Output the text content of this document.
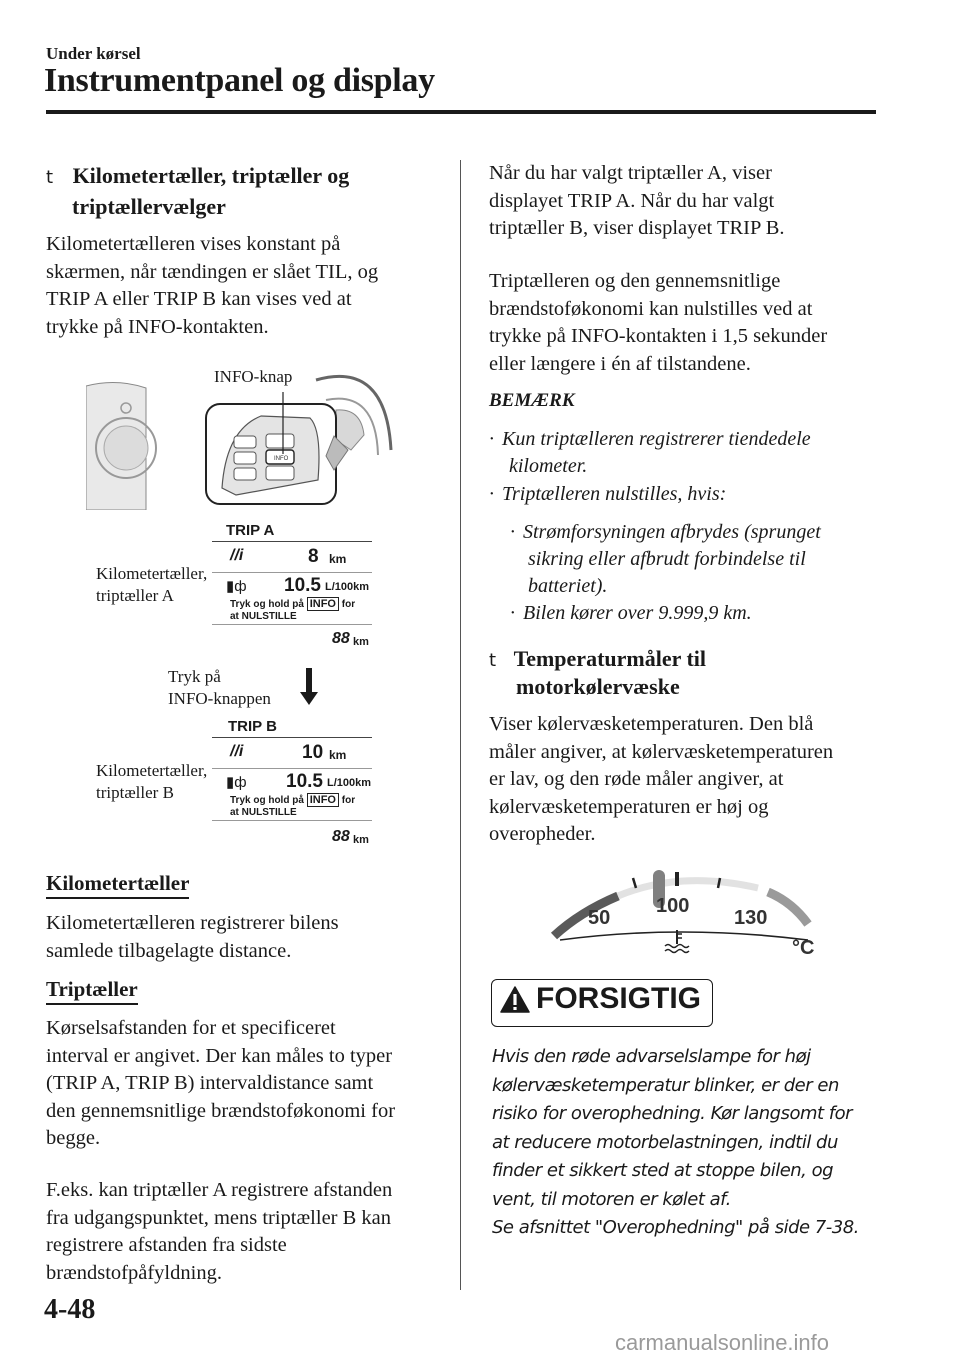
Under kørsel
Instrumentpanel og display
t Kilometertæller, triptæller og
triptællervælger
Kilometertælleren vises konstant på
skærmen, når tændingen er slået TIL, og
TRIP A eller TRIP B kan vises ved at
trykke på INFO-kontakten.
INFO
INFO-knap
Kilometertæller,
triptæller A
TRIP A
//i	8 km
▮ф 10.5 L/100km
Tryk og hold på INFO for
at NULSTILLE
88 km
Tryk på
INFO-knappen
Kilometertæller,
triptæller B
TRIP B
//i	10 km
▮ф 10.5 L/100km
Tryk og hold på INFO for
at NULSTILLE
88 km
Kilometertæller
Kilometertælleren registrerer bilens
samlede tilbagelagte distance.
Triptæller
Kørselsafstanden for et specificeret
interval er angivet. Der kan måles to typer
(TRIP A, TRIP B) intervaldistance samt
den gennemsnitlige brændstoføkonomi for
begge.
F.eks. kan triptæller A registrere afstanden
fra udgangspunktet, mens triptæller B kan
registrere afstanden fra sidste
brændstofpåfyldning.
Når du har valgt triptæller A, viser
displayet TRIP A. Når du har valgt
triptæller B, viser displayet TRIP B.
Triptælleren og den gennemsnitlige
brændstoføkonomi kan nulstilles ved at
trykke på INFO-kontakten i 1,5 sekunder
eller længere i én af tilstandene.
BEMÆRK
· Kun triptælleren registrerer tiendedele
kilometer.
· Triptælleren nulstilles, hvis:
· Strømforsyningen afbrydes (sprunget
sikring eller afbrudt forbindelse til
batteriet).
· Bilen kører over 9.999,9 km.
t Temperaturmåler til
motorkølervæske
Viser kølervæsketemperaturen. Den blå
måler angiver, at kølervæsketemperaturen
er lav, og den røde måler angiver, at
kølervæsketemperaturen er høj og
overopheder.
50
100
130
°C
FORSIGTIG
Hvis den røde advarselslampe for høj
kølervæsketemperatur blinker, er der en
risiko for overophedning. Kør langsomt for
at reducere motorbelastningen, indtil du
finder et sikkert sted at stoppe bilen, og
vent, til motoren er kølet af.
Se afsnittet "Overophedning" på side 7-38.
4-48
carmanualsonline.info
